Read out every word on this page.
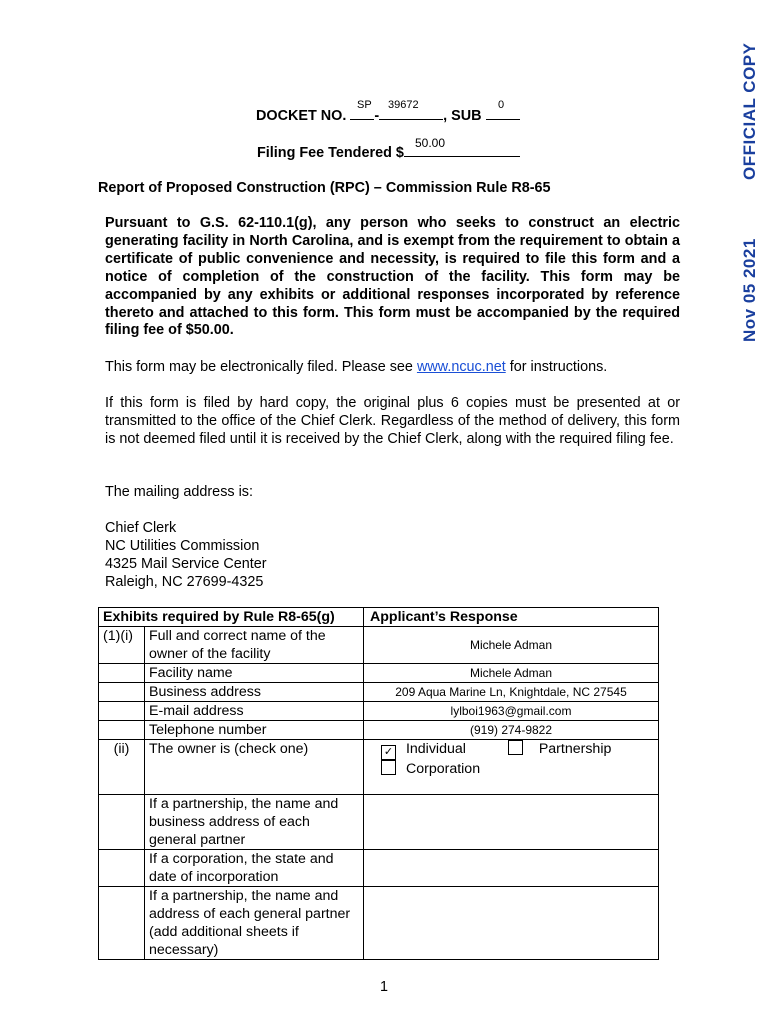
OFFICIAL COPY
Nov 05 2021
SP 39672	0
DOCKET NO. -	, SUB
50.00
Filing Fee Tendered $
Report of Proposed Construction (RPC) – Commission Rule R8-65
Pursuant to G.S. 62-110.1(g), any person who seeks to construct an electric generating facility in North Carolina, and is exempt from the requirement to obtain a certificate of public convenience and necessity, is required to file this form and a notice of completion of the construction of the facility. This form may be accompanied by any exhibits or additional responses incorporated by reference thereto and attached to this form. This form must be accompanied by the required filing fee of $50.00.
This form may be electronically filed. Please see www.ncuc.net for instructions.
If this form is filed by hard copy, the original plus 6 copies must be presented at or transmitted to the office of the Chief Clerk. Regardless of the method of delivery, this form is not deemed filed until it is received by the Chief Clerk, along with the required filing fee.
The mailing address is:
Chief Clerk
NC Utilities Commission
4325 Mail Service Center
Raleigh, NC 27699-4325
Exhibits required by Rule R8-65(g)		Applicant’s Response
(1)(i)	Full and correct name of the owner of the facility	Michele Adman
	Facility name	Michele Adman
	Business address	209 Aqua Marine Ln, Knightdale, NC 27545
	E-mail address	lylboi1963@gmail.com
	Telephone number	(919) 274-9822
(ii)	The owner is (check one)	✓ Individual Partnership
Corporation

	If a partnership, the name and business address of each general partner	
	If a corporation, the state and date of incorporation	
	If a partnership, the name and address of each general partner (add additional sheets if necessary)	
1
